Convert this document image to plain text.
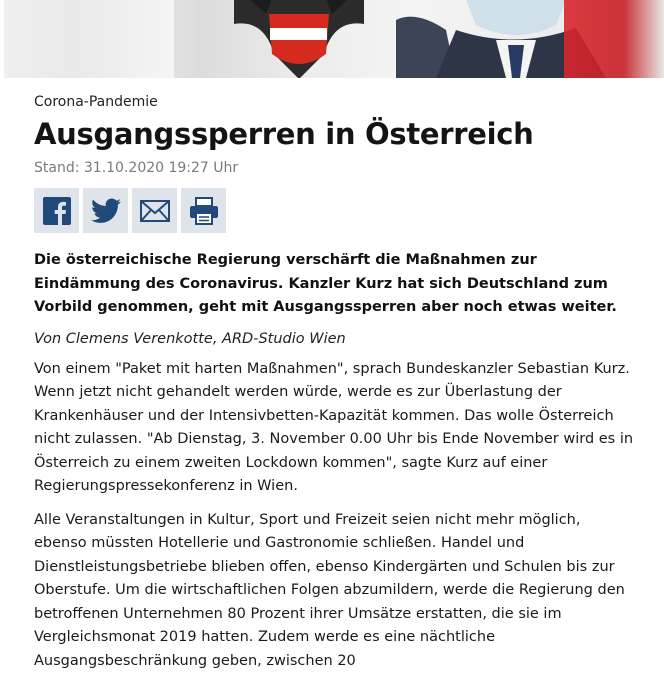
Corona-Pandemie

Ausgangssperren in Österreich

Stand: 31.10.2020 19:27 Uhr

Die österreichische Regierung verschärft die Maßnahmen zur Eindämmung des Coronavirus. Kanzler Kurz hat sich Deutschland zum Vorbild genommen, geht mit Ausgangssperren aber noch etwas weiter.
Von Clemens Verenkotte, ARD-Studio Wien
Von einem "Paket mit harten Maßnahmen", sprach Bundeskanzler Sebastian Kurz. Wenn jetzt nicht gehandelt werden würde, werde es zur Überlastung der Krankenhäuser und der Intensivbetten-Kapazität kommen. Das wolle Österreich nicht zulassen. "Ab Dienstag, 3. November 0.00 Uhr bis Ende November wird es in Österreich zu einem zweiten Lockdown kommen", sagte Kurz auf einer Regierungspressekonferenz in Wien.
Alle Veranstaltungen in Kultur, Sport und Freizeit seien nicht mehr möglich, ebenso müssten Hotellerie und Gastronomie schließen. Handel und Dienstleistungsbetriebe blieben offen, ebenso Kindergärten und Schulen bis zur Oberstufe. Um die wirtschaftlichen Folgen abzumildern, werde die Regierung den betroffenen Unternehmen 80 Prozent ihrer Umsätze erstatten, die sie im Vergleichsmonat 2019 hatten. Zudem werde es eine nächtliche Ausgangsbeschränkung geben, zwischen 20
